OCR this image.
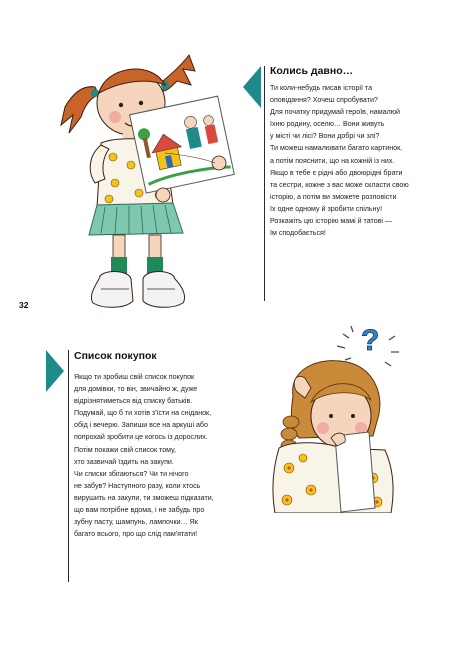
Колись давно…
Ти коли-небудь писав історії та
оповідання? Хочеш спробувати?
Для початку придумай героїв, намалюй
їхню родину, оселю… Вони живуть
у місті чи лісі? Вони добрі чи злі?
Ти можеш намалювати багато картинок,
а потім пояснити, що на кожній із них.
Якщо в тебе є рідні або двоюрідні брати
та сестри, кожне з вас може скласти свою
історію, а потім ви зможете розповісти
їх одне одному й зробити спільну!
Розкажіть цю історію мамі й татові —
їм сподобається!
32
Список покупок
Якщо ти зробиш свій список покупок
для домівки, то він, звичайно ж, дуже
відрізнятиметься від списку батьків.
Подумай, що б ти хотів з'їсти на сніданок,
обід і вечерю. Запиши все на аркуші або
попрохай зробити це когось із дорослих.
Потім покажи свій список тому,
хто зазвичай їздить на закупи.
Чи списки збігаються? Чи ти нічого
не забув? Наступного разу, коли хтось
вирушить на закупи, ти зможеш підказати,
що вам потрібне вдома, і не забудь про
зубну пасту, шампунь, лампочки… Як
багато всього, про що слід пам'ятати!
?
